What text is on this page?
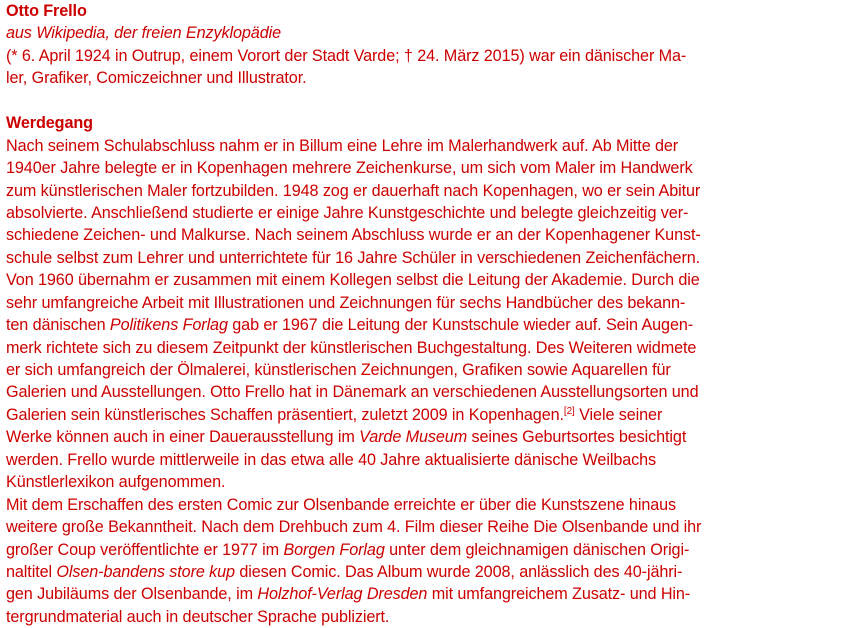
Otto Frello
aus Wikipedia, der freien Enzyklopädie
(* 6. April 1924 in Outrup, einem Vorort der Stadt Varde; † 24. März 2015) war ein dänischer Ma-
ler, Grafiker, Comiczeichner und Illustrator.
Werdegang
Nach seinem Schulabschluss nahm er in Billum eine Lehre im Malerhandwerk auf. Ab Mitte der
1940er Jahre belegte er in Kopenhagen mehrere Zeichenkurse, um sich vom Maler im Handwerk
zum künstlerischen Maler fortzubilden. 1948 zog er dauerhaft nach Kopenhagen, wo er sein Abitur
absolvierte. Anschließend studierte er einige Jahre Kunstgeschichte und belegte gleichzeitig ver-
schiedene Zeichen- und Malkurse. Nach seinem Abschluss wurde er an der Kopenhagener Kunst-
schule selbst zum Lehrer und unterrichtete für 16 Jahre Schüler in verschiedenen Zeichenfächern.
Von 1960 übernahm er zusammen mit einem Kollegen selbst die Leitung der Akademie. Durch die
sehr umfangreiche Arbeit mit Illustrationen und Zeichnungen für sechs Handbücher des bekann-
ten dänischen Politikens Forlag gab er 1967 die Leitung der Kunstschule wieder auf. Sein Augen-
merk richtete sich zu diesem Zeitpunkt der künstlerischen Buchgestaltung. Des Weiteren widmete
er sich umfangreich der Ölmalerei, künstlerischen Zeichnungen, Grafiken sowie Aquarellen für
Galerien und Ausstellungen. Otto Frello hat in Dänemark an verschiedenen Ausstellungsorten und
Galerien sein künstlerisches Schaffen präsentiert, zuletzt 2009 in Kopenhagen.[2] Viele seiner
Werke können auch in einer Dauerausstellung im Varde Museum seines Geburtsortes besichtigt
werden. Frello wurde mittlerweile in das etwa alle 40 Jahre aktualisierte dänische Weilbachs
Künstlerlexikon aufgenommen.
Mit dem Erschaffen des ersten Comic zur Olsenbande erreichte er über die Kunstszene hinaus
weitere große Bekanntheit. Nach dem Drehbuch zum 4. Film dieser Reihe Die Olsenbande und ihr
großer Coup veröffentlichte er 1977 im Borgen Forlag unter dem gleichnamigen dänischen Origi-
naltitel Olsen-bandens store kup diesen Comic. Das Album wurde 2008, anlässlich des 40-jähri-
gen Jubiläums der Olsenbande, im Holzhof-Verlag Dresden mit umfangreichem Zusatz- und Hin-
tergrundmaterial auch in deutscher Sprache publiziert.
